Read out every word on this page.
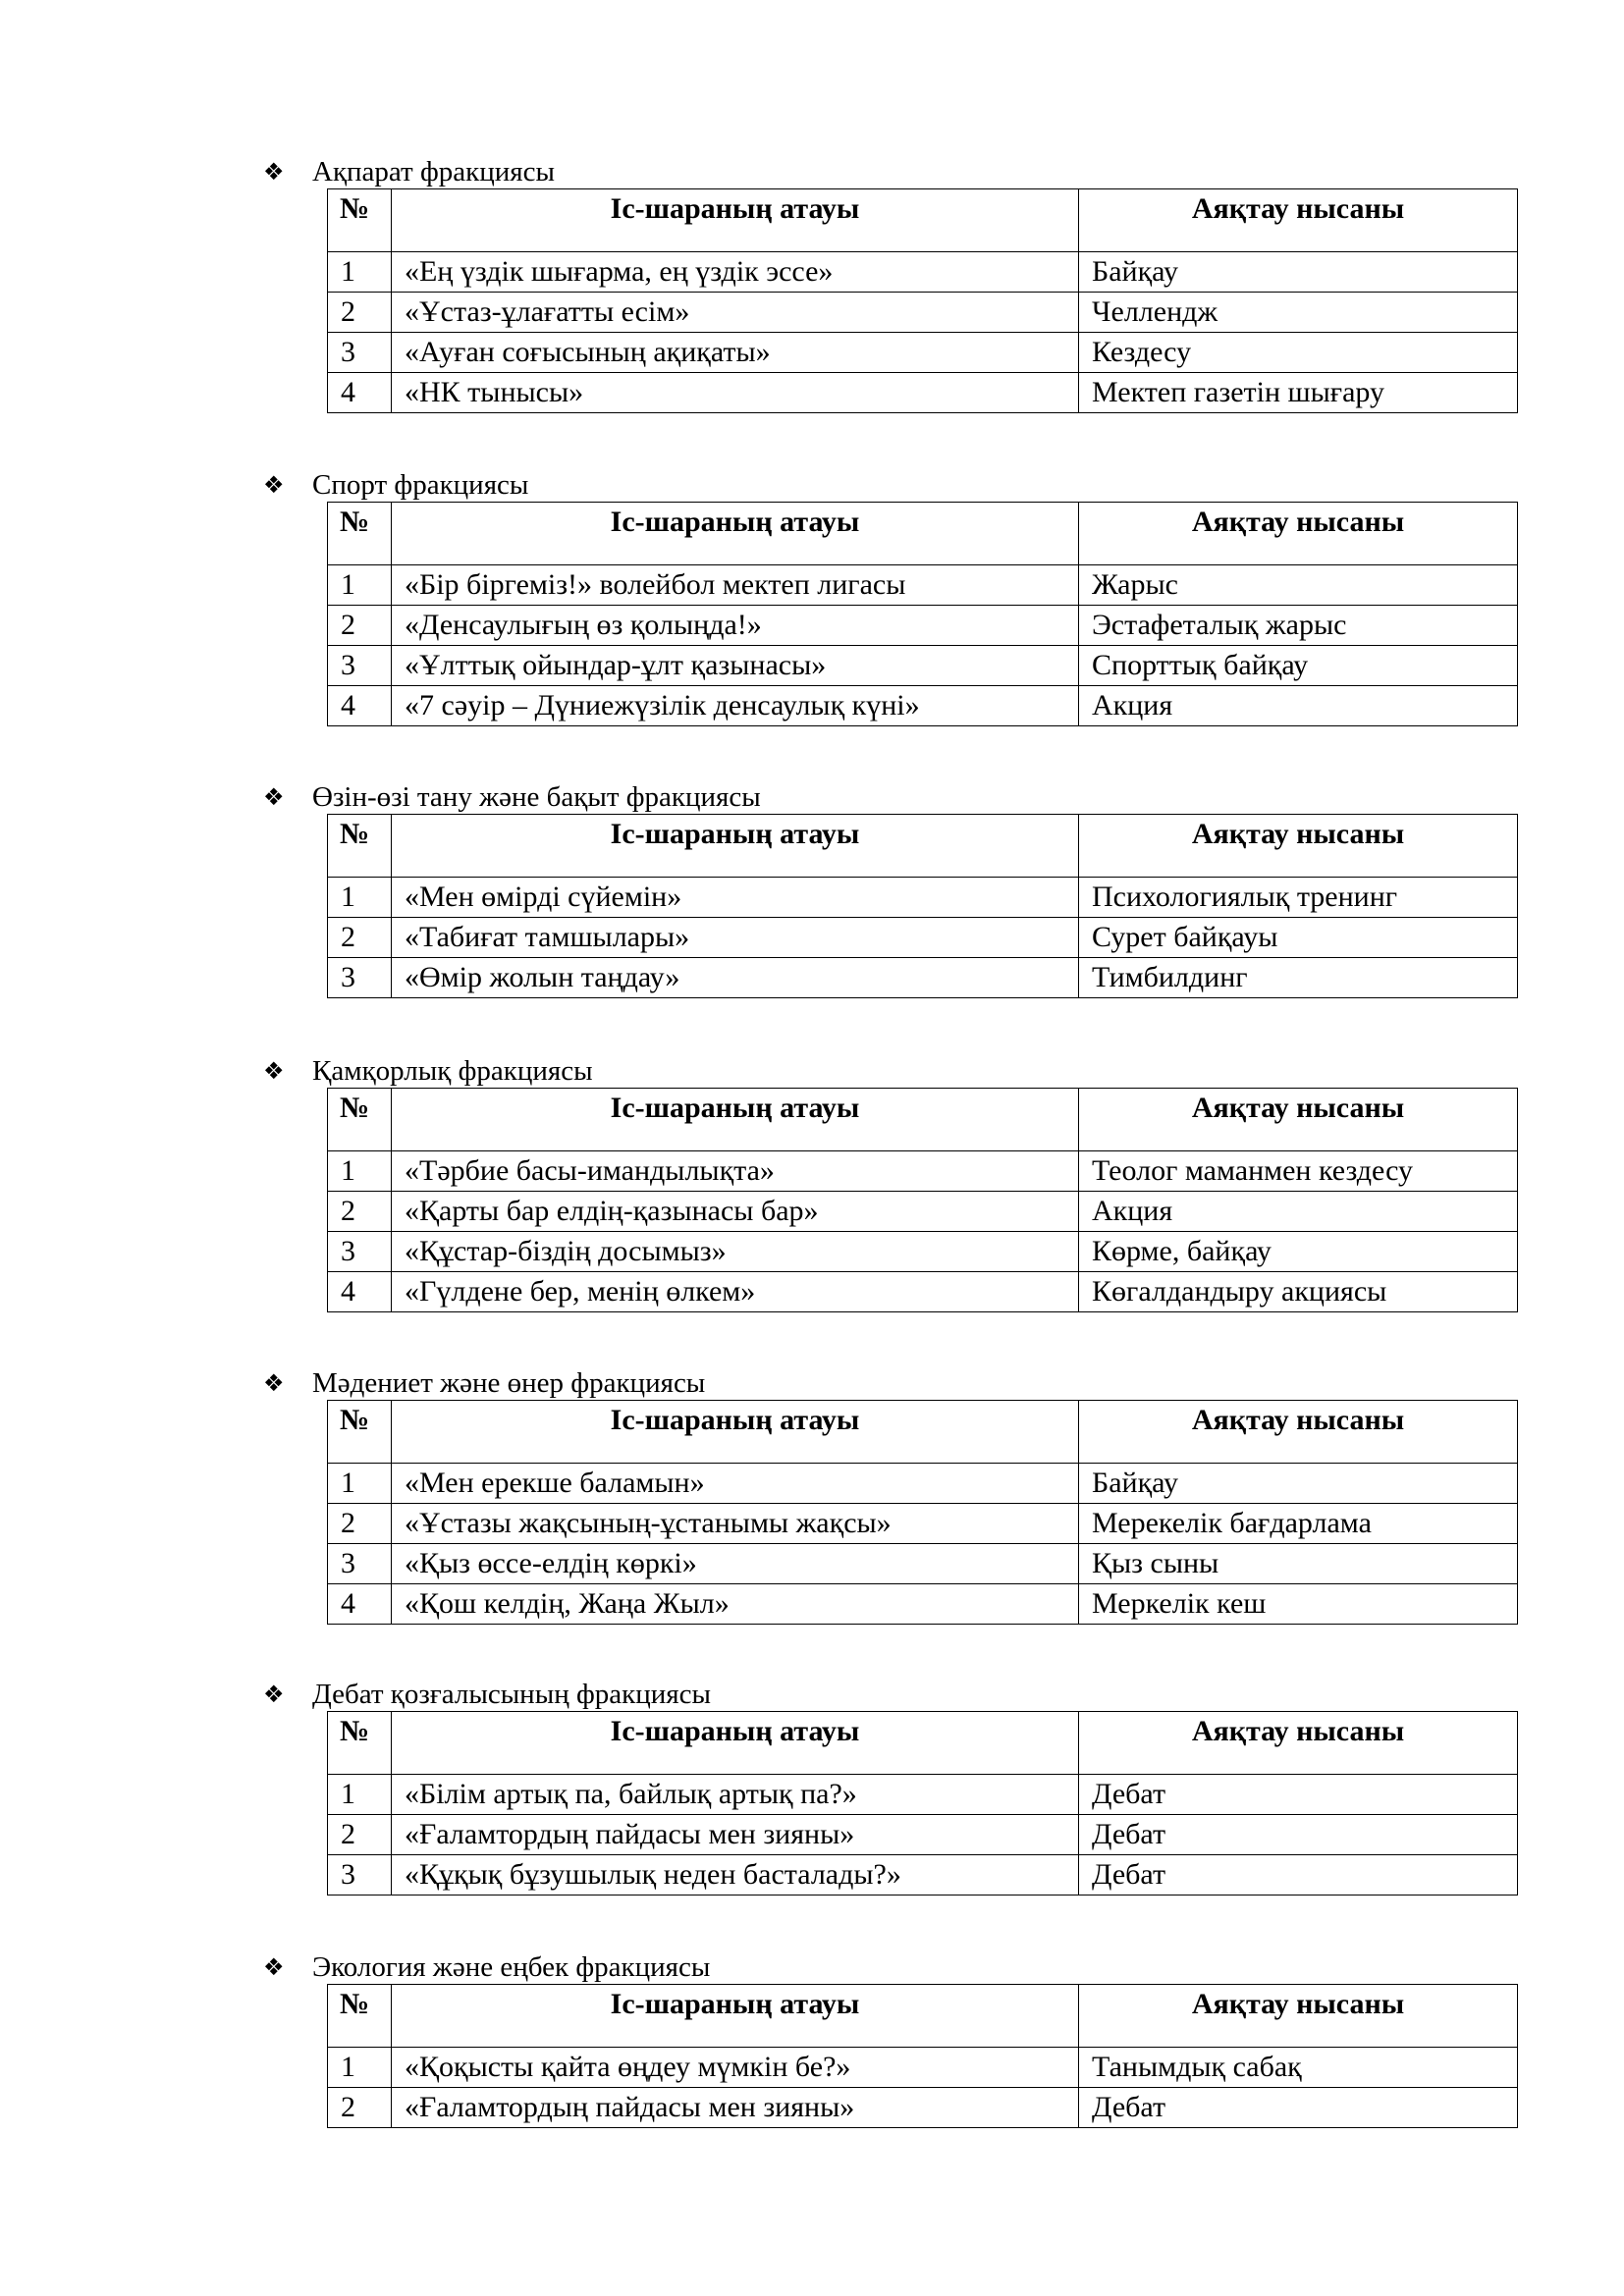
❖ Ақпарат фракциясы
№	Іс-шараның атауы	Аяқтау нысаны
1	«Ең үздік шығарма, ең үздік эссе»	Байқау
2	«Ұстаз-ұлағатты есім»	Челлендж
3	«Ауған соғысының ақиқаты»	Кездесу
4	«НК тынысы»	Мектеп газетін шығару
❖ Спорт фракциясы
№	Іс-шараның атауы	Аяқтау нысаны
1	«Бір біргеміз!» волейбол мектеп лигасы	Жарыс
2	«Денсаулығың өз қолыңда!»	Эстафеталық жарыс
3	«Ұлттық ойындар-ұлт қазынасы»	Спорттық байқау
4	«7 сәуір – Дүниежүзілік денсаулық күні»	Акция
❖ Өзін-өзі тану және бақыт фракциясы
№	Іс-шараның атауы	Аяқтау нысаны
1	«Мен өмірді сүйемін»	Психологиялық тренинг
2	«Табиғат тамшылары»	Сурет байқауы
3	«Өмір жолын таңдау»	Тимбилдинг
❖ Қамқорлық фракциясы
№	Іс-шараның атауы	Аяқтау нысаны
1	«Тәрбие басы-имандылықта»	Теолог маманмен кездесу
2	«Қарты бар елдің-қазынасы бар»	Акция
3	«Құстар-біздің досымыз»	Көрме, байқау
4	«Гүлдене бер, менің өлкем»	Көгалдандыру акциясы
❖ Мәдениет және өнер фракциясы
№	Іс-шараның атауы	Аяқтау нысаны
1	«Мен ерекше баламын»	Байқау
2	«Ұстазы жақсының-ұстанымы жақсы»	Мерекелік бағдарлама
3	«Қыз өссе-елдің көркі»	Қыз сыны
4	«Қош келдің, Жаңа Жыл»	Меркелік кеш
❖ Дебат қозғалысының фракциясы
№	Іс-шараның атауы	Аяқтау нысаны
1	«Білім артық па, байлық артық па?»	Дебат
2	«Ғаламтордың пайдасы мен зияны»	Дебат
3	«Құқық бұзушылық неден басталады?»	Дебат
❖ Экология және еңбек фракциясы
№	Іс-шараның атауы	Аяқтау нысаны
1	«Қоқысты қайта өңдеу мүмкін бе?»	Танымдық сабақ
2	«Ғаламтордың пайдасы мен зияны»	Дебат
